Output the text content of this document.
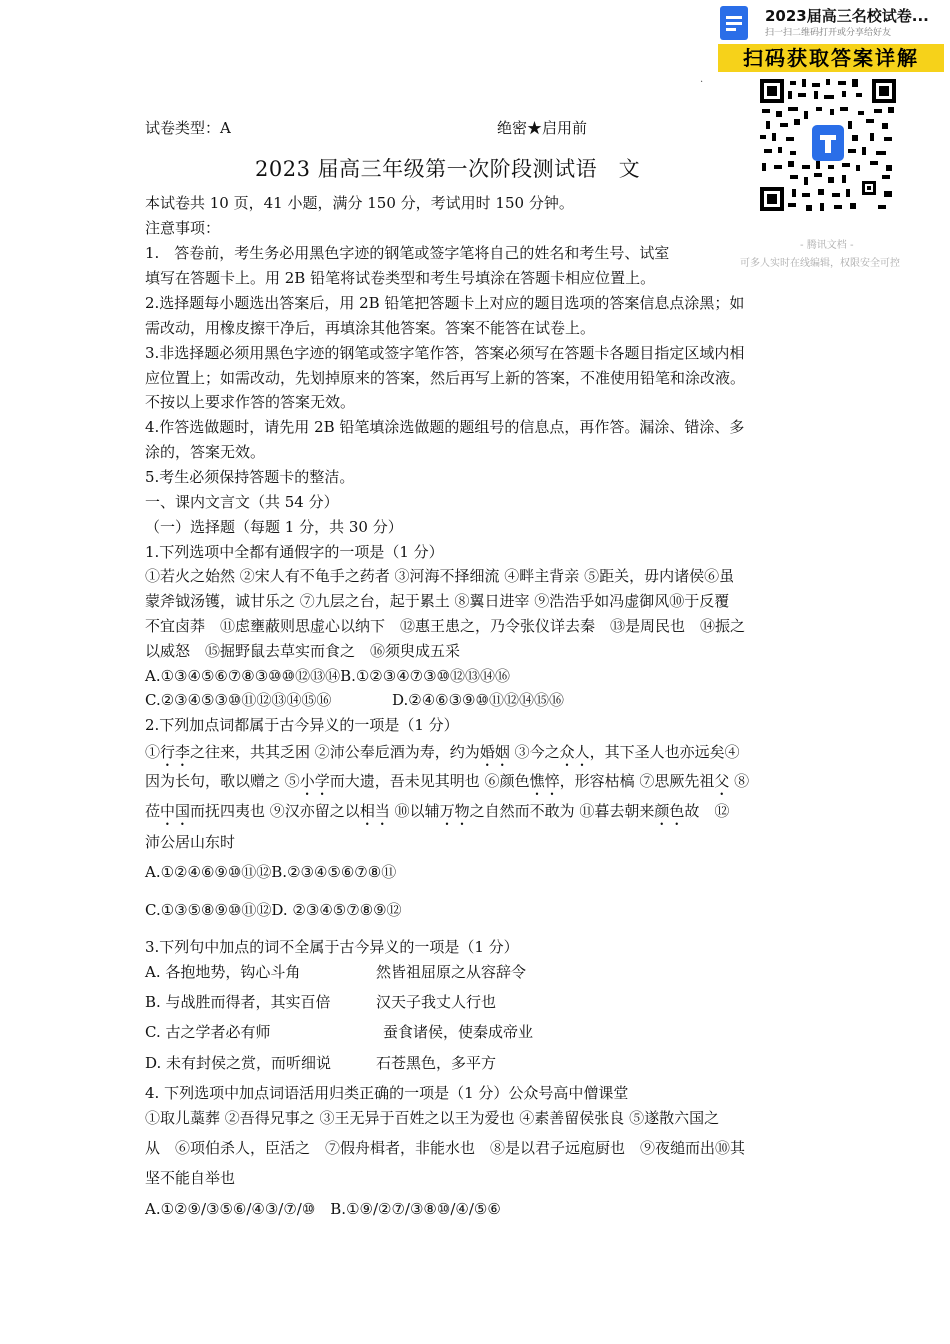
2023届高三名校试卷...
扫一扫二维码打开或分享给好友
扫码获取答案详解
.
- 腾讯文档 -
可多人实时在线编辑，权限安全可控
试卷类型：A	绝密★启用前
2023 届高三年级第一次阶段测试语　文
本试卷共 10 页，41 小题，满分 150 分，考试用时 150 分钟。
注意事项：
1.　答卷前，考生务必用黑色字迹的钢笔或签字笔将自己的姓名和考生号、试室
填写在答题卡上。用 2B 铅笔将试卷类型和考生号填涂在答题卡相应位置上。
2.选择题每小题选出答案后，用 2B 铅笔把答题卡上对应的题目选项的答案信息点涂黑；如
需改动，用橡皮擦干净后，再填涂其他答案。答案不能答在试卷上。
3.非选择题必须用黑色字迹的钢笔或签字笔作答，答案必须写在答题卡各题目指定区域内相
应位置上；如需改动，先划掉原来的答案，然后再写上新的答案，不准使用铅笔和涂改液。
不按以上要求作答的答案无效。
4.作答选做题时，请先用 2B 铅笔填涂选做题的题组号的信息点，再作答。漏涂、错涂、多
涂的，答案无效。
5.考生必须保持答题卡的整洁。
一、课内文言文（共 54 分）
（一）选择题（每题 1 分，共 30 分）
1.下列选项中全都有通假字的一项是（1 分）
①若火之始然 ②宋人有不龟手之药者 ③河海不择细流 ④畔主背亲 ⑤距关，毋内诸侯⑥虽
蒙斧钺汤镬，诚甘乐之 ⑦九层之台，起于累土 ⑧翼日进宰 ⑨浩浩乎如冯虚御风⑩于反覆
不宜卤莽　⑪虑壅蔽则思虚心以纳下　⑫惠王患之，乃令张仪详去秦　⑬是周民也　⑭振之
以威怒　⑮掘野鼠去草实而食之　⑯须臾成五采
A.①③④⑤⑥⑦⑧③⑩⑩⑫⑬⑭B.①②③④⑦③⑩⑫⑬⑭⑯
C.②③④⑤③⑩⑪⑫⑬⑭⑮⑯	D.②④⑥③⑨⑩⑪⑫⑭⑮⑯
2.下列加点词都属于古今异义的一项是（1 分）
①行李之往来，共其乏困 ②沛公奉卮酒为寿，约为婚姻 ③今之众人，其下圣人也亦远矣④
因为长句，歌以赠之 ⑤小学而大遗，吾未见其明也 ⑥颜色憔悴，形容枯槁 ⑦思厥先祖父 ⑧
莅中国而抚四夷也 ⑨汉亦留之以相当 ⑩以辅万物之自然而不敢为 ⑪暮去朝来颜色故　⑫
沛公居山东时
A.①②④⑥⑨⑩⑪⑫B.②③④⑤⑥⑦⑧⑪
C.①③⑤⑧⑨⑩⑪⑫D. ②③④⑤⑦⑧⑨⑫
3.下列句中加点的词不全属于古今异义的一项是（1 分）
A. 各抱地势，钩心斗角	然皆祖屈原之从容辞令
B. 与战胜而得者，其实百倍	汉天子我丈人行也
C. 古之学者必有师	蚕食诸侯，使秦成帝业
D. 未有封侯之赏，而听细说	石苍黑色，多平方
4. 下列选项中加点词语活用归类正确的一项是（1 分）公众号高中僧课堂
①取儿藁葬 ②吾得兄事之 ③王无异于百姓之以王为爱也 ④素善留侯张良 ⑤遂散六国之
从　⑥项伯杀人，臣活之　⑦假舟楫者，非能水也　⑧是以君子远庖厨也　⑨夜缒而出⑩其
坚不能自举也
A.①②⑨/③⑤⑥/④③/⑦/⑩　B.①⑨/②⑦/③⑧⑩/④/⑤⑥
